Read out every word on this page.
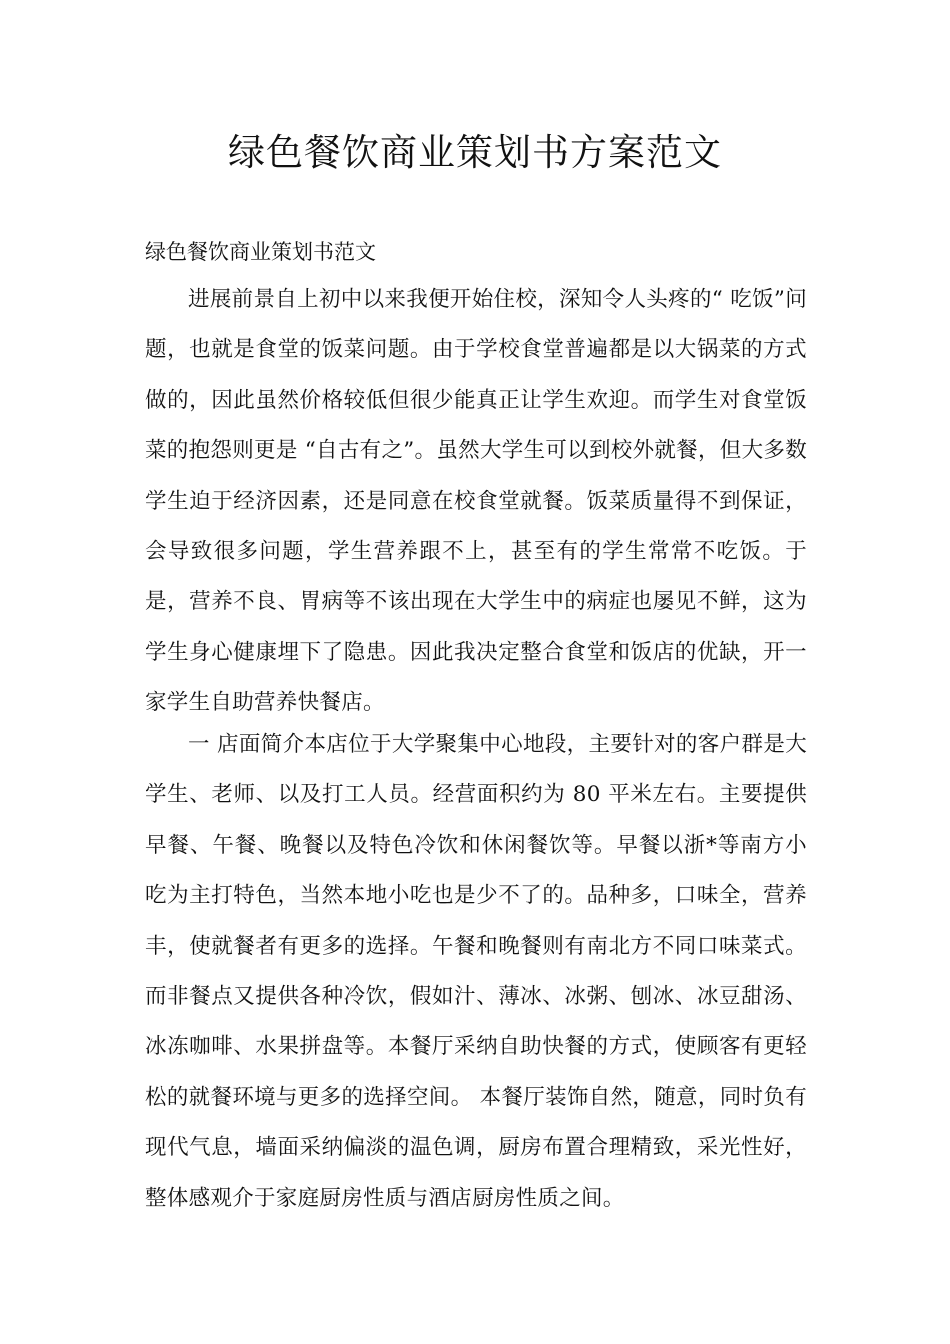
绿色餐饮商业策划书方案范文

绿色餐饮商业策划书范文

进展前景自上初中以来我便开始住校，深知令人头疼的“ 吃饭”问题，也就是食堂的饭菜问题。由于学校食堂普遍都是以大锅菜的方式做的，因此虽然价格较低但很少能真正让学生欢迎。而学生对食堂饭菜的抱怨则更是 “自古有之”。虽然大学生可以到校外就餐，但大多数学生迫于经济因素，还是同意在校食堂就餐。饭菜质量得不到保证，会导致很多问题，学生营养跟不上，甚至有的学生常常不吃饭。于是，营养不良、胃病等不该出现在大学生中的病症也屡见不鲜，这为学生身心健康埋下了隐患。因此我决定整合食堂和饭店的优缺，开一家学生自助营养快餐店。

一 店面简介本店位于大学聚集中心地段，主要针对的客户群是大学生、老师、以及打工人员。经营面积约为 80 平米左右。主要提供早餐、午餐、晚餐以及特色冷饮和休闲餐饮等。早餐以浙*等南方小吃为主打特色，当然本地小吃也是少不了的。品种多，口味全，营养丰，使就餐者有更多的选择。午餐和晚餐则有南北方不同口味菜式。而非餐点又提供各种冷饮，假如汁、薄冰、冰粥、刨冰、冰豆甜汤、冰冻咖啡、水果拼盘等。本餐厅采纳自助快餐的方式，使顾客有更轻松的就餐环境与更多的选择空间。 本餐厅装饰自然，随意，同时负有现代气息，墙面采纳偏淡的温色调，厨房布置合理精致，采光性好，整体感观介于家庭厨房性质与酒店厨房性质之间。
